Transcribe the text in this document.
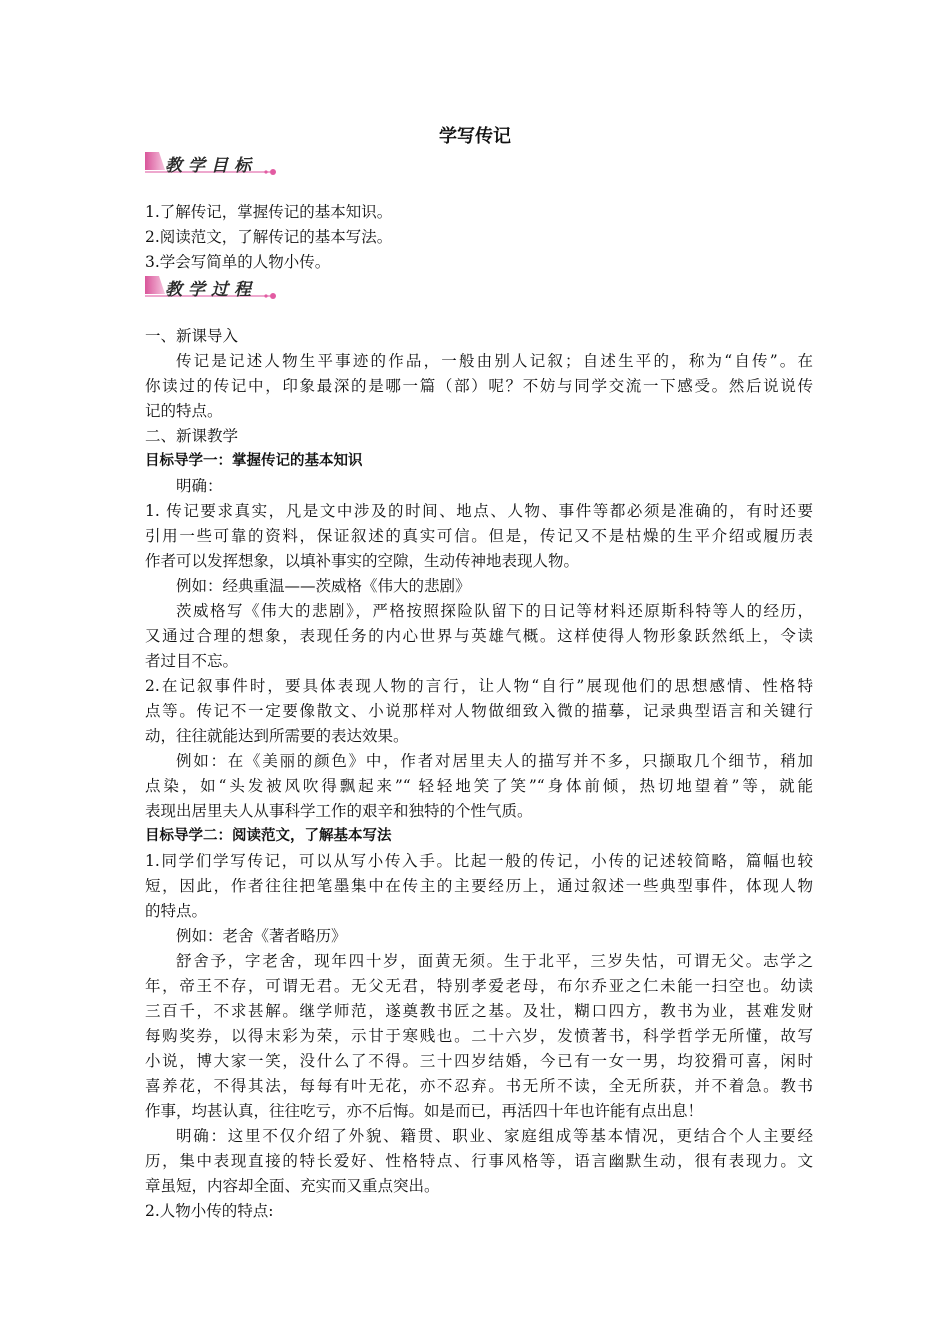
学写传记
教学目标
1.了解传记，掌握传记的基本知识。
2.阅读范文，了解传记的基本写法。
3.学会写简单的人物小传。
教学过程
一、新课导入
传记是记述人物生平事迹的作品，一般由别人记叙；自述生平的，称为“自传”。在
你读过的传记中，印象最深的是哪一篇（部）呢？不妨与同学交流一下感受。然后说说传
记的特点。
二、新课教学
目标导学一：掌握传记的基本知识
明确：
1. 传记要求真实，凡是文中涉及的时间、地点、人物、事件等都必须是准确的，有时还要
引用一些可靠的资料，保证叙述的真实可信。但是，传记又不是枯燥的生平介绍或履历表
作者可以发挥想象，以填补事实的空隙，生动传神地表现人物。
例如：经典重温——茨威格《伟大的悲剧》
茨威格写《伟大的悲剧》，严格按照探险队留下的日记等材料还原斯科特等人的经历，
又通过合理的想象，表现任务的内心世界与英雄气概。这样使得人物形象跃然纸上，令读
者过目不忘。
2.在记叙事件时，要具体表现人物的言行，让人物“自行”展现他们的思想感情、性格特
点等。传记不一定要像散文、小说那样对人物做细致入微的描摹，记录典型语言和关键行
动，往往就能达到所需要的表达效果。
例如：在《美丽的颜色》中，作者对居里夫人的描写并不多，只撷取几个细节，稍加
点染，如“头发被风吹得飘起来”“ 轻轻地笑了笑”“身体前倾，热切地望着”等，就能
表现出居里夫人从事科学工作的艰辛和独特的个性气质。
目标导学二：阅读范文，了解基本写法
1.同学们学写传记，可以从写小传入手。比起一般的传记，小传的记述较简略，篇幅也较
短，因此，作者往往把笔墨集中在传主的主要经历上，通过叙述一些典型事件，体现人物
的特点。
例如：老舍《著者略历》
舒舍予，字老舍，现年四十岁，面黄无须。生于北平，三岁失怙，可谓无父。志学之
年，帝王不存，可谓无君。无父无君，特别孝爱老母，布尔乔亚之仁未能一扫空也。幼读
三百千，不求甚解。继学师范，遂奠教书匠之基。及壮，糊口四方，教书为业，甚难发财
每购奖券，以得末彩为荣，示甘于寒贱也。二十六岁，发愤著书，科学哲学无所懂，故写
小说，博大家一笑，没什么了不得。三十四岁结婚，今已有一女一男，均狡猾可喜，闲时
喜养花，不得其法，每每有叶无花，亦不忍弃。书无所不读，全无所获，并不着急。教书
作事，均甚认真，往往吃亏，亦不后悔。如是而已，再活四十年也许能有点出息！
明确：这里不仅介绍了外貌、籍贯、职业、家庭组成等基本情况，更结合个人主要经
历，集中表现直接的特长爱好、性格特点、行事风格等，语言幽默生动，很有表现力。文
章虽短，内容却全面、充实而又重点突出。
2.人物小传的特点:
